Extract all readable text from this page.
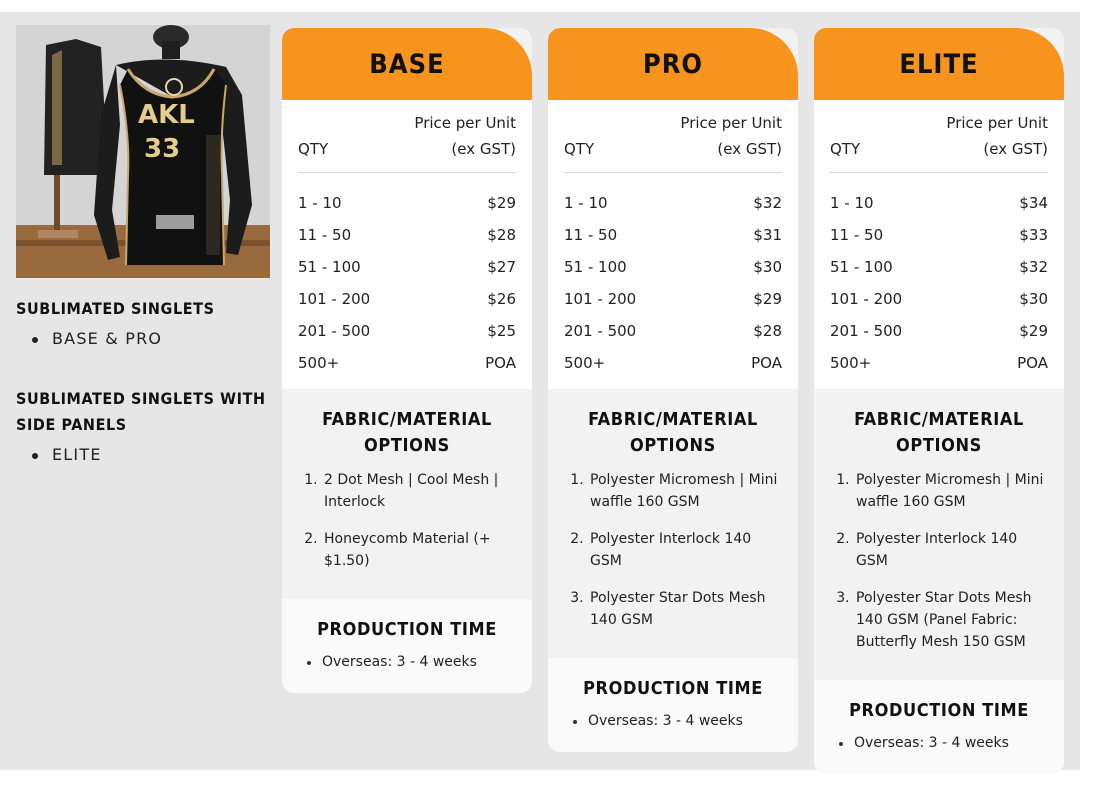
AKL
33
SUBLIMATED SINGLETS
BASE & PRO
SUBLIMATED SINGLETS WITH SIDE PANELS
ELITE
BASE
QTY
Price per Unit
(ex GST)
1 - 10	$29
11 - 50	$28
51 - 100	$27
101 - 200	$26
201 - 500	$25
500+	POA
FABRIC/MATERIAL OPTIONS
1. 2 Dot Mesh | Cool Mesh | Interlock
2. Honeycomb Material (+ $1.50)
PRODUCTION TIME
Overseas: 3 - 4 weeks
PRO
QTY
Price per Unit
(ex GST)
1 - 10	$32
11 - 50	$31
51 - 100	$30
101 - 200	$29
201 - 500	$28
500+	POA
FABRIC/MATERIAL OPTIONS
1. Polyester Micromesh | Mini waffle 160 GSM
2. Polyester Interlock 140 GSM
3. Polyester Star Dots Mesh 140 GSM
PRODUCTION TIME
Overseas: 3 - 4 weeks
ELITE
QTY
Price per Unit
(ex GST)
1 - 10	$34
11 - 50	$33
51 - 100	$32
101 - 200	$30
201 - 500	$29
500+	POA
FABRIC/MATERIAL OPTIONS
1. Polyester Micromesh | Mini waffle 160 GSM
2. Polyester Interlock 140 GSM
3. Polyester Star Dots Mesh 140 GSM (Panel Fabric: Butterfly Mesh 150 GSM
PRODUCTION TIME
Overseas: 3 - 4 weeks
